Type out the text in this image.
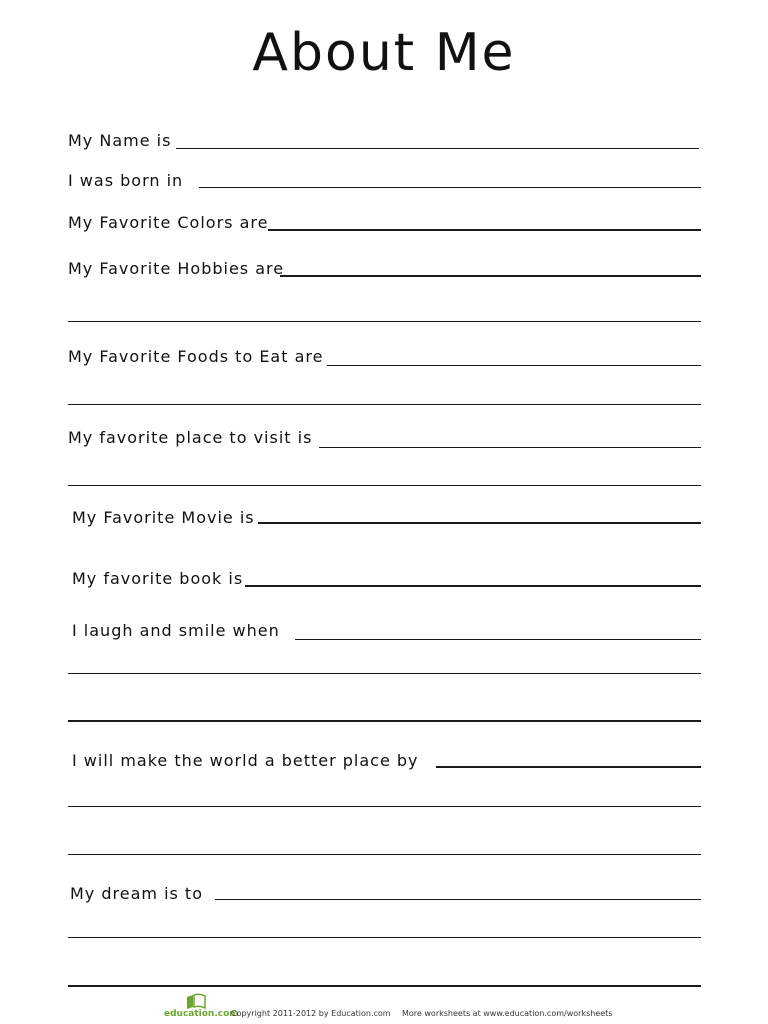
About Me
My Name is
I was born in
My Favorite Colors are
My Favorite Hobbies are
My Favorite Foods to Eat are
My favorite place to visit is
My Favorite Movie is
My favorite book is
I laugh and smile when
I will make the world a better place by
My dream is to
education.com
Copyright 2011-2012 by Education.com More worksheets at www.education.com/worksheets
